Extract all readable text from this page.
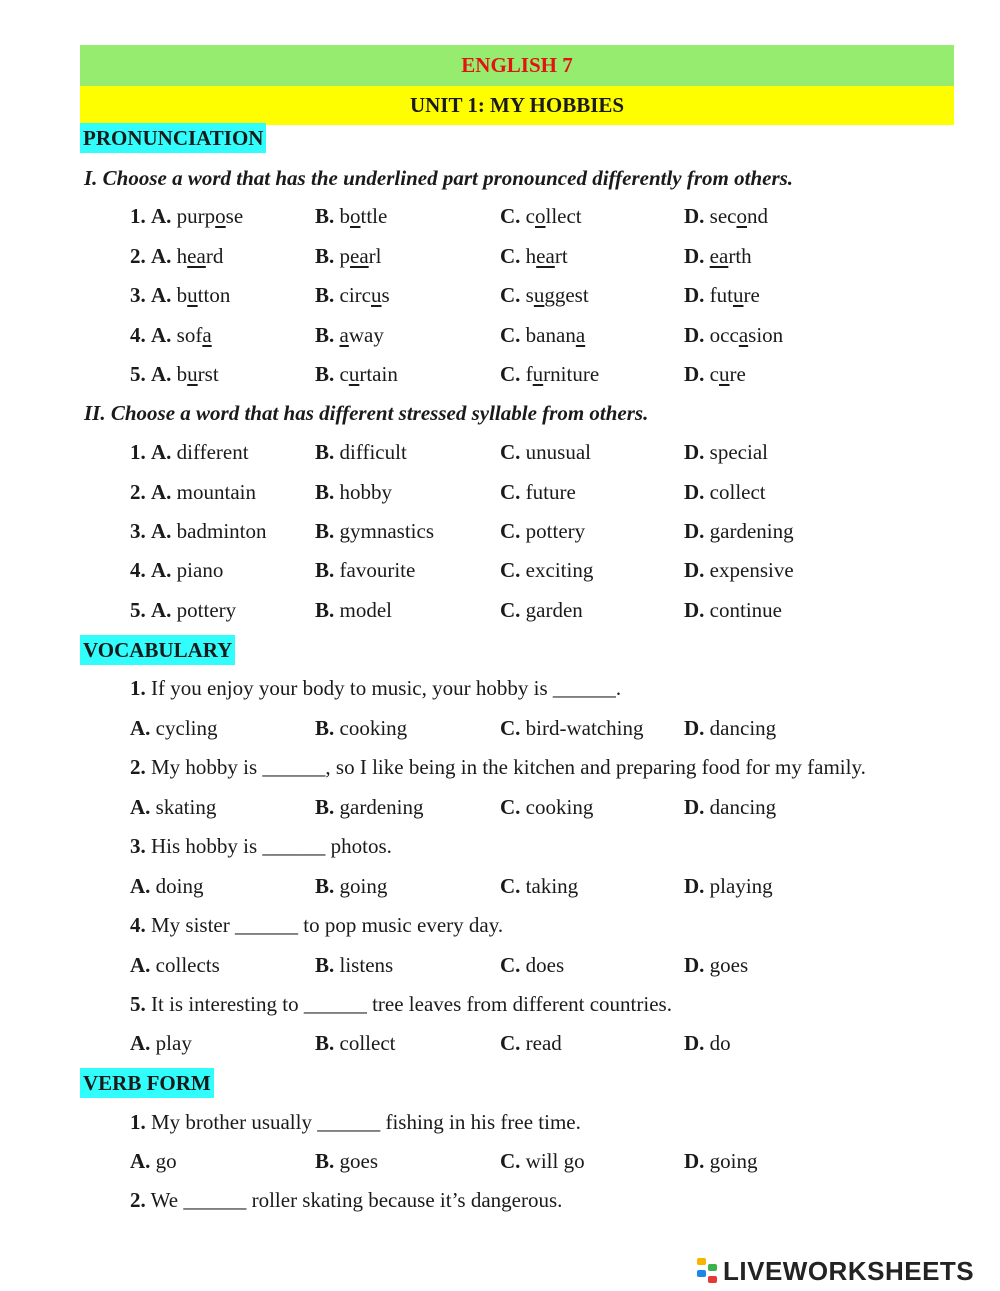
ENGLISH 7
UNIT 1: MY HOBBIES
PRONUNCIATION
I. Choose a word that has the underlined part pronounced differently from others.
1. A. purpose	B. bottle	C. collect	D. second
2. A. heard	B. pearl	C. heart	D. earth
3. A. button	B. circus	C. suggest	D. future
4. A. sofa	B. away	C. banana	D. occasion
5. A. burst	B. curtain	C. furniture	D. cure
II. Choose a word that has different stressed syllable from others.
1. A. different	B. difficult	C. unusual	D. special
2. A. mountain	B. hobby	C. future	D. collect
3. A. badminton B. gymnastics	C. pottery	D. gardening
4. A. piano	B. favourite	C. exciting	D. expensive
5. A. pottery	B. model	C. garden	D. continue
VOCABULARY
1. If you enjoy your body to music, your hobby is ______.
A. cycling	B. cooking	C. bird-watching D. dancing
2. My hobby is ______, so I like being in the kitchen and preparing food for my family.
A. skating	B. gardening	C. cooking	D. dancing
3. His hobby is ______ photos.
A. doing	B. going	C. taking	D. playing
4. My sister ______ to pop music every day.
A. collects	B. listens	C. does	D. goes
5. It is interesting to ______ tree leaves from different countries.
A. play	B. collect	C. read	D. do
VERB FORM
1. My brother usually ______ fishing in his free time.
A. go	B. goes	C. will go	D. going
2. We ______ roller skating because it’s dangerous.
LIVEWORKSHEETS
